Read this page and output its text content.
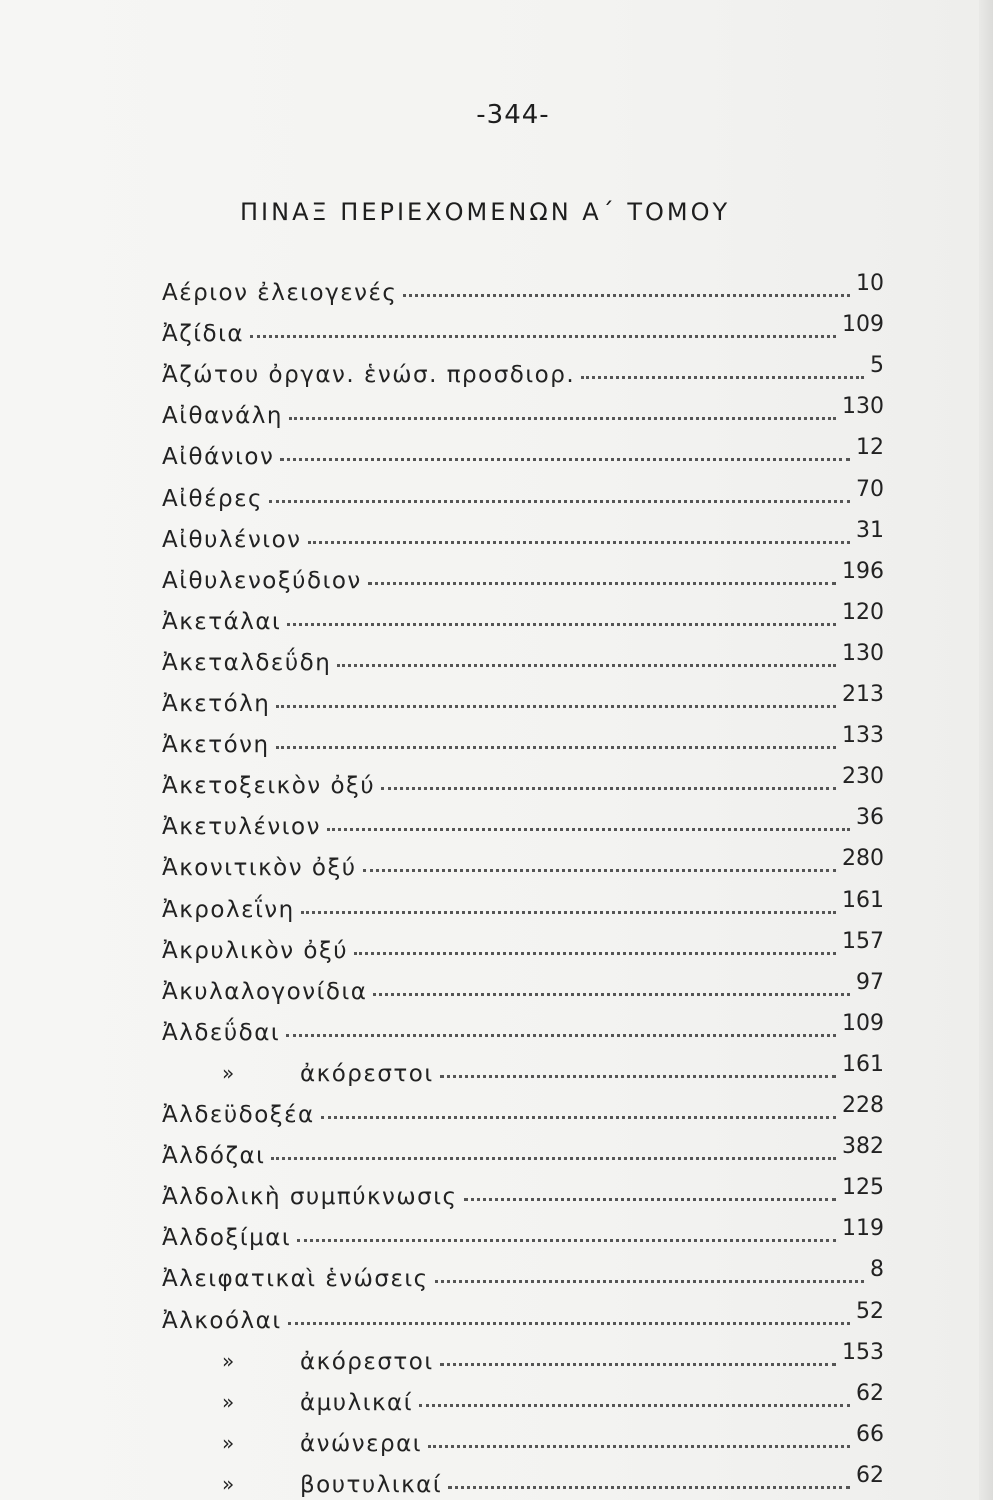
-344-
ΠΙΝΑΞ ΠΕΡΙΕΧΟΜΕΝΩΝ Α΄ ΤΟΜΟΥ
Αέριον ἐλειογενές	10
Ἀζίδια	109
Ἀζώτου ὀργαν. ἑνώσ. προσδιορ.	5
Αἰθανάλη	130
Αἰθάνιον	12
Αἰθέρες	70
Αἰθυλένιον	31
Αἰθυλενοξύδιον	196
Ἀκετάλαι	120
Ἀκεταλδεΰδη	130
Ἀκετόλη	213
Ἀκετόνη	133
Ἀκετοξεικὸν ὀξύ	230
Ἀκετυλένιον	36
Ἀκονιτικὸν ὀξύ	280
Ἀκρολεΐνη	161
Ἀκρυλικὸν ὀξύ	157
Ἀκυλαλογονίδια	97
Ἀλδεΰδαι	109
»	ἀκόρεστοι	161
Ἀλδεϋδοξέα	228
Ἀλδόζαι	382
Ἀλδολικὴ συμπύκνωσις	125
Ἀλδοξίμαι	119
Ἀλειφατικαὶ ἑνώσεις	8
Ἀλκοόλαι	52
»	ἀκόρεστοι	153
»	ἀμυλικαί	62
»	ἀνώνεραι	66
»	βουτυλικαί	62
